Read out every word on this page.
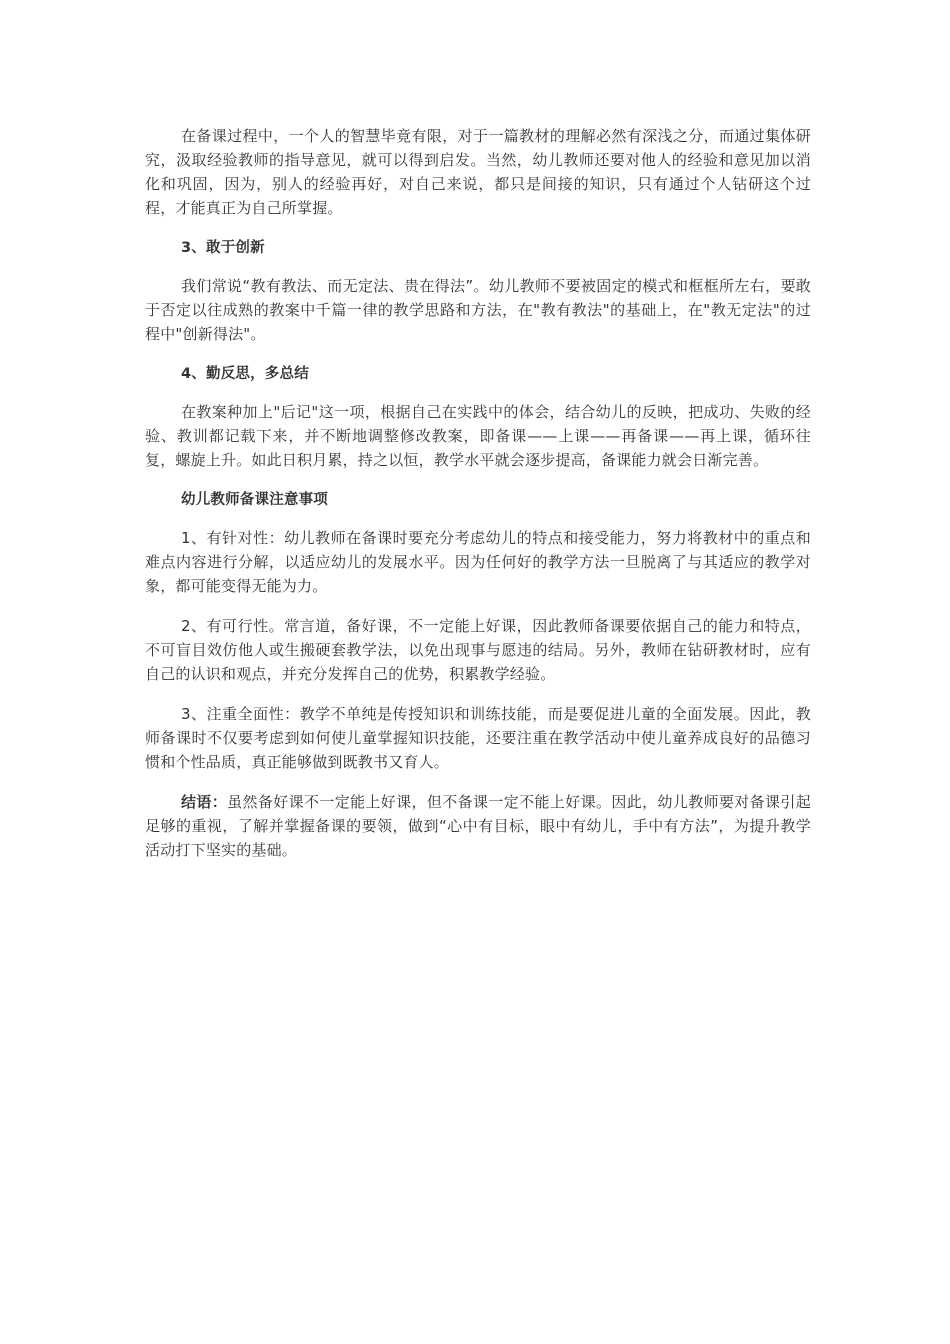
在备课过程中，一个人的智慧毕竟有限，对于一篇教材的理解必然有深浅之分，而通过集体研究，汲取经验教师的指导意见，就可以得到启发。当然，幼儿教师还要对他人的经验和意见加以消化和巩固，因为，别人的经验再好，对自己来说，都只是间接的知识，只有通过个人钻研这个过程，才能真正为自己所掌握。

3、敢于创新

我们常说“教有教法、而无定法、贵在得法”。幼儿教师不要被固定的模式和框框所左右，要敢于否定以往成熟的教案中千篇一律的教学思路和方法，在"教有教法"的基础上，在"教无定法"的过程中"创新得法"。

4、勤反思，多总结

在教案种加上"后记"这一项，根据自己在实践中的体会，结合幼儿的反映，把成功、失败的经验、教训都记载下来，并不断地调整修改教案，即备课——上课——再备课——再上课，循环往复，螺旋上升。如此日积月累，持之以恒，教学水平就会逐步提高，备课能力就会日渐完善。

幼儿教师备课注意事项

1、有针对性：幼儿教师在备课时要充分考虑幼儿的特点和接受能力，努力将教材中的重点和难点内容进行分解，以适应幼儿的发展水平。因为任何好的教学方法一旦脱离了与其适应的教学对象，都可能变得无能为力。

2、有可行性。常言道，备好课，不一定能上好课，因此教师备课要依据自己的能力和特点，不可盲目效仿他人或生搬硬套教学法，以免出现事与愿违的结局。另外，教师在钻研教材时，应有自己的认识和观点，并充分发挥自己的优势，积累教学经验。

3、注重全面性：教学不单纯是传授知识和训练技能，而是要促进儿童的全面发展。因此，教师备课时不仅要考虑到如何使儿童掌握知识技能，还要注重在教学活动中使儿童养成良好的品德习惯和个性品质，真正能够做到既教书又育人。

结语：虽然备好课不一定能上好课，但不备课一定不能上好课。因此，幼儿教师要对备课引起足够的重视，了解并掌握备课的要领，做到“心中有目标，眼中有幼儿，手中有方法”，为提升教学活动打下坚实的基础。
